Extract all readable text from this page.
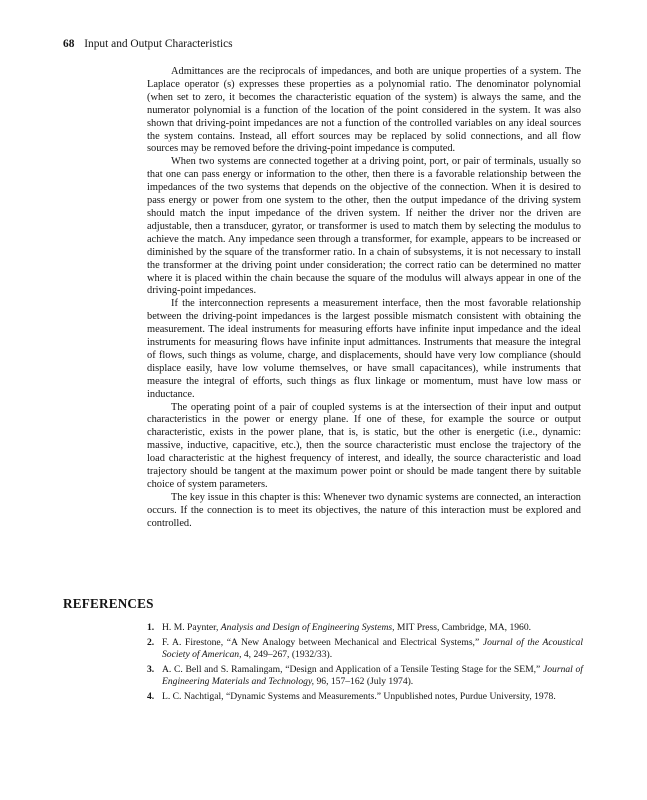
68 Input and Output Characteristics

Admittances are the reciprocals of impedances, and both are unique properties of a system. The Laplace operator (s) expresses these properties as a polynomial ratio. The denominator polynomial (when set to zero, it becomes the characteristic equation of the system) is always the same, and the numerator polynomial is a function of the location of the point considered in the system. It was also shown that driving-point impedances are not a function of the controlled variables on any ideal sources the system contains. Instead, all effort sources may be replaced by solid connections, and all flow sources may be removed before the driving-point impedance is computed.

When two systems are connected together at a driving point, port, or pair of terminals, usually so that one can pass energy or information to the other, then there is a favorable relationship between the impedances of the two systems that depends on the objective of the connection. When it is desired to pass energy or power from one system to the other, then the output impedance of the driving system should match the input impedance of the driven system. If neither the driver nor the driven are adjustable, then a transducer, gyrator, or transformer is used to match them by selecting the modulus to achieve the match. Any impedance seen through a transformer, for example, appears to be increased or diminished by the square of the transformer ratio. In a chain of subsystems, it is not necessary to install the transformer at the driving point under consideration; the correct ratio can be determined no matter where it is placed within the chain because the square of the modulus will always appear in one of the driving-point impedances.

If the interconnection represents a measurement interface, then the most favorable relationship between the driving-point impedances is the largest possible mismatch consistent with obtaining the measurement. The ideal instruments for measuring efforts have infinite input impedance and the ideal instruments for measuring flows have infinite input admittances. Instruments that measure the integral of flows, such things as volume, charge, and displacements, should have very low compliance (should displace easily, have low volume themselves, or have small capacitances), while instruments that measure the integral of efforts, such things as flux linkage or momentum, must have low mass or inductance.

The operating point of a pair of coupled systems is at the intersection of their input and output characteristics in the power or energy plane. If one of these, for example the source or output characteristic, exists in the power plane, that is, is static, but the other is energetic (i.e., dynamic: massive, inductive, capacitive, etc.), then the source characteristic must enclose the trajectory of the load characteristic at the highest frequency of interest, and ideally, the source characteristic and load trajectory should be tangent at the maximum power point or should be made tangent there by suitable choice of system parameters.

The key issue in this chapter is this: Whenever two dynamic systems are connected, an interaction occurs. If the connection is to meet its objectives, the nature of this interaction must be explored and controlled.

REFERENCES
1. H. M. Paynter, Analysis and Design of Engineering Systems, MIT Press, Cambridge, MA, 1960.
2. F. A. Firestone, “A New Analogy between Mechanical and Electrical Systems,” Journal of the Acoustical Society of American, 4, 249–267, (1932/33).
3. A. C. Bell and S. Ramalingam, “Design and Application of a Tensile Testing Stage for the SEM,” Journal of Engineering Materials and Technology, 96, 157–162 (July 1974).
4. L. C. Nachtigal, “Dynamic Systems and Measurements.” Unpublished notes, Purdue University, 1978.
